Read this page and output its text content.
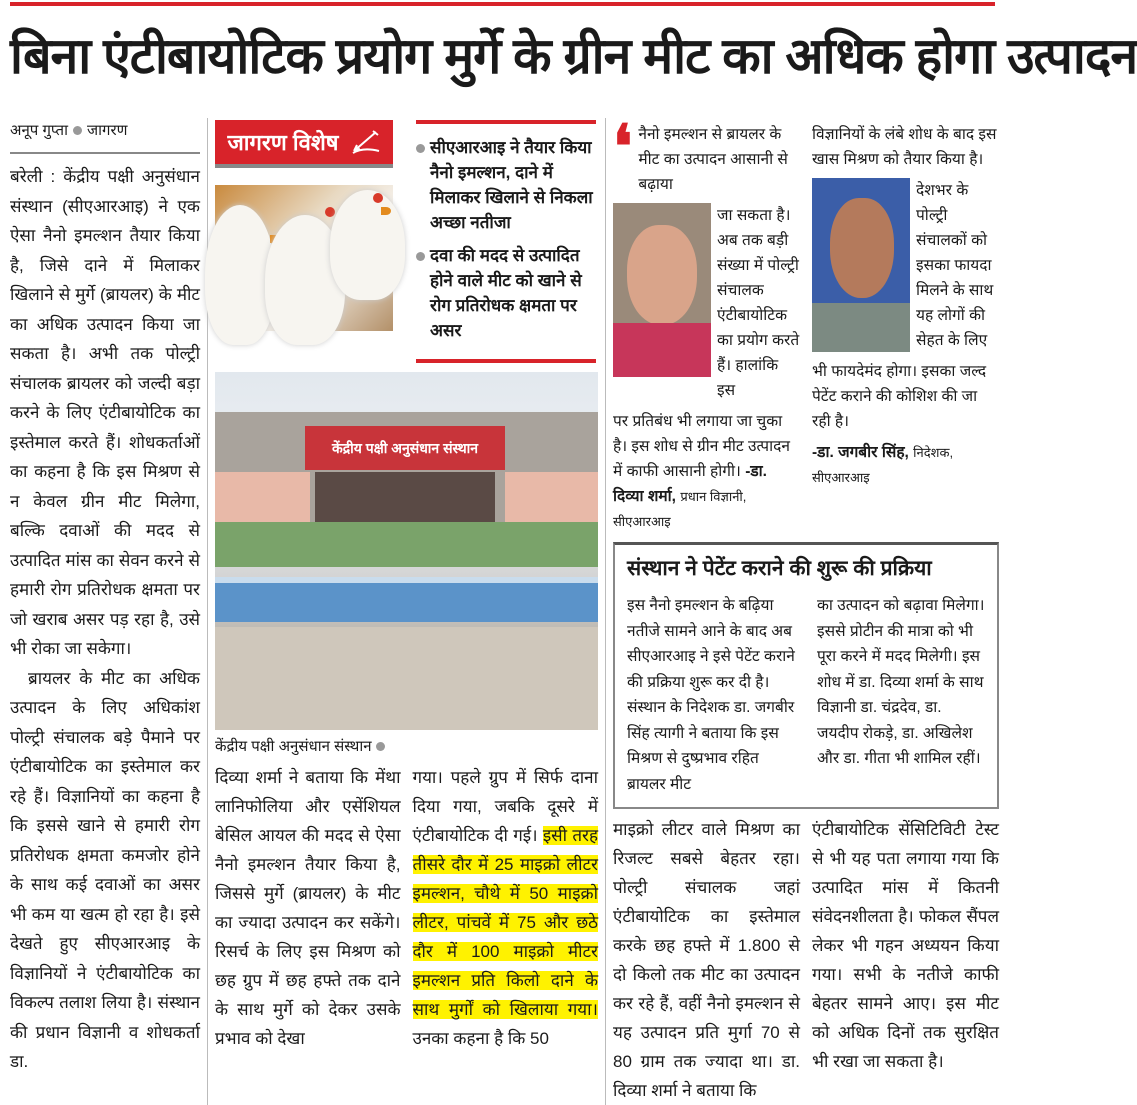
बिना एंटीबायोटिक प्रयोग मुर्गे के ग्रीन मीट का अधिक होगा उत्पादन
अनूप गुप्ता जागरण

बरेली : केंद्रीय पक्षी अनुसंधान संस्थान (सीएआरआइ) ने एक ऐसा नैनो इमल्शन तैयार किया है, जिसे दाने में मिलाकर खिलाने से मुर्गे (ब्रायलर) के मीट का अधिक उत्पादन किया जा सकता है। अभी तक पोल्ट्री संचालक ब्रायलर को जल्दी बड़ा करने के लिए एंटीबायोटिक का इस्तेमाल करते हैं। शोधकर्ताओं का कहना है कि इस मिश्रण से न केवल ग्रीन मीट मिलेगा, बल्कि दवाओं की मदद से उत्पादित मांस का सेवन करने से हमारी रोग प्रतिरोधक क्षमता पर जो खराब असर पड़ रहा है, उसे भी रोका जा सकेगा।

ब्रायलर के मीट का अधिक उत्पादन के लिए अधिकांश पोल्ट्री संचालक बड़े पैमाने पर एंटीबायोटिक का इस्तेमाल कर रहे हैं। विज्ञानियों का कहना है कि इससे खाने से हमारी रोग प्रतिरोधक क्षमता कमजोर होने के साथ कई दवाओं का असर भी कम या खत्म हो रहा है। इसे देखते हुए सीएआरआइ के विज्ञानियों ने एंटीबायोटिक का विकल्प तलाश लिया है। संस्थान की प्रधान विज्ञानी व शोधकर्ता डा.

जागरण विशेष	सीएआरआइ ने तैयार किया नैनो इमल्शन, दाने में मिलाकर खिलाने से निकला अच्छा नतीजा
दवा की मदद से उत्पादित होने वाले मीट को खाने से रोग प्रतिरोधक क्षमता पर असर
केंद्रीय पक्षी अनुसंधान संस्थान
केंद्रीय पक्षी अनुसंधान संस्थान
दिव्या शर्मा ने बताया कि मेंथा लानिफोलिया और एसेंशियल बेसिल आयल की मदद से ऐसा नैनो इमल्शन तैयार किया है, जिससे मुर्गे (ब्रायलर) के मीट का ज्यादा उत्पादन कर सकेंगे। रिसर्च के लिए इस मिश्रण को छह ग्रुप में छह हफ्ते तक दाने के साथ मुर्गे को देकर उसके प्रभाव को देखा
गया। पहले ग्रुप में सिर्फ दाना दिया गया, जबकि दूसरे में एंटीबायोटिक दी गई। इसी तरह तीसरे दौर में 25 माइक्रो लीटर इमल्शन, चौथे में 50 माइक्रो लीटर, पांचवें में 75 और छठे दौर में 100 माइक्रो मीटर इमल्शन प्रति किलो दाने के साथ मुर्गों को खिलाया गया। उनका कहना है कि 50
❛ नैनो इमल्शन से ब्रायलर के मीट का उत्पादन आसानी से बढ़ाया
जा सकता है। अब तक बड़ी संख्या में पोल्ट्री संचालक एंटीबायोटिक का प्रयोग करते हैं। हालांकि इस
पर प्रतिबंध भी लगाया जा चुका है। इस शोध से ग्रीन मीट उत्पादन में काफी आसानी होगी। -डा. दिव्या शर्मा, प्रधान विज्ञानी, सीएआरआइ
विज्ञानियों के लंबे शोध के बाद इस खास मिश्रण को तैयार किया है।
देशभर के पोल्ट्री संचालकों को इसका फायदा मिलने के साथ यह लोगों की सेहत के लिए
भी फायदेमंद होगा। इसका जल्द पेटेंट कराने की कोशिश की जा रही है।
-डा. जगबीर सिंह, निदेशक, सीएआरआइ
संस्थान ने पेटेंट कराने की शुरू की प्रक्रिया
इस नैनो इमल्शन के बढ़िया नतीजे सामने आने के बाद अब सीएआरआइ ने इसे पेटेंट कराने की प्रक्रिया शुरू कर दी है। संस्थान के निदेशक डा. जगबीर सिंह त्यागी ने बताया कि इस मिश्रण से दुष्प्रभाव रहित ब्रायलर मीट
का उत्पादन को बढ़ावा मिलेगा। इससे प्रोटीन की मात्रा को भी पूरा करने में मदद मिलेगी। इस शोध में डा. दिव्या शर्मा के साथ विज्ञानी डा. चंद्रदेव, डा. जयदीप रोकड़े, डा. अखिलेश और डा. गीता भी शामिल रहीं।
माइक्रो लीटर वाले मिश्रण का रिजल्ट सबसे बेहतर रहा। पोल्ट्री संचालक जहां एंटीबायोटिक का इस्तेमाल करके छह हफ्ते में 1.800 से दो किलो तक मीट का उत्पादन कर रहे हैं, वहीं नैनो इमल्शन से यह उत्पादन प्रति मुर्गा 70 से 80 ग्राम तक ज्यादा था। डा. दिव्या शर्मा ने बताया कि
एंटीबायोटिक सेंसिटिविटी टेस्ट से भी यह पता लगाया गया कि उत्पादित मांस में कितनी संवेदनशीलता है। फोकल सैंपल लेकर भी गहन अध्ययन किया गया। सभी के नतीजे काफी बेहतर सामने आए। इस मीट को अधिक दिनों तक सुरक्षित भी रखा जा सकता है।
